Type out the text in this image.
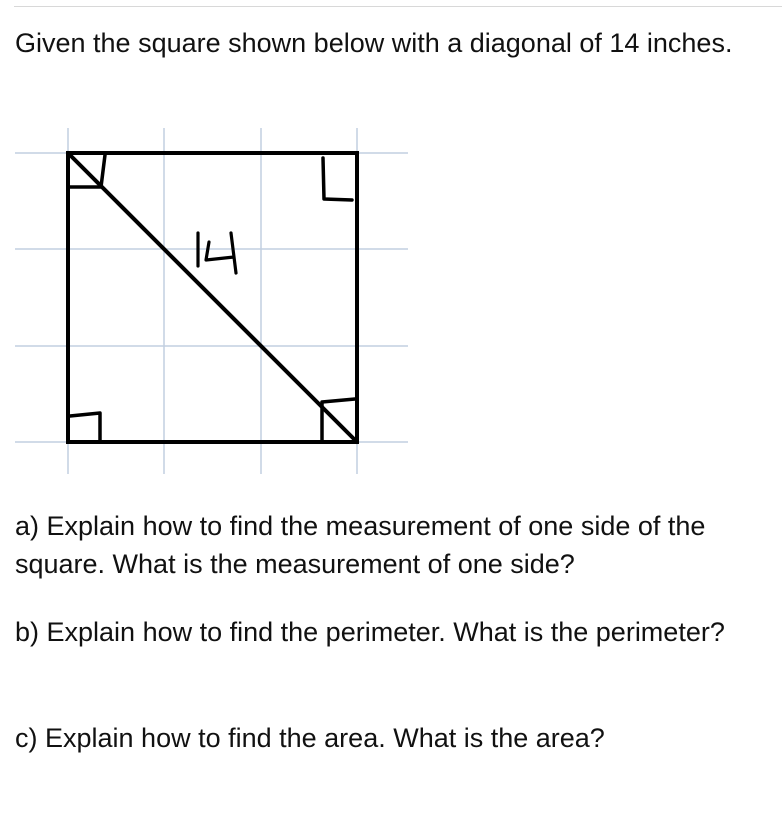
Given the square shown below with a diagonal of 14 inches.

14

a) Explain how to find the measurement of one side of the square. What is the measurement of one side?

b) Explain how to find the perimeter. What is the perimeter?

c) Explain how to find the area. What is the area?
